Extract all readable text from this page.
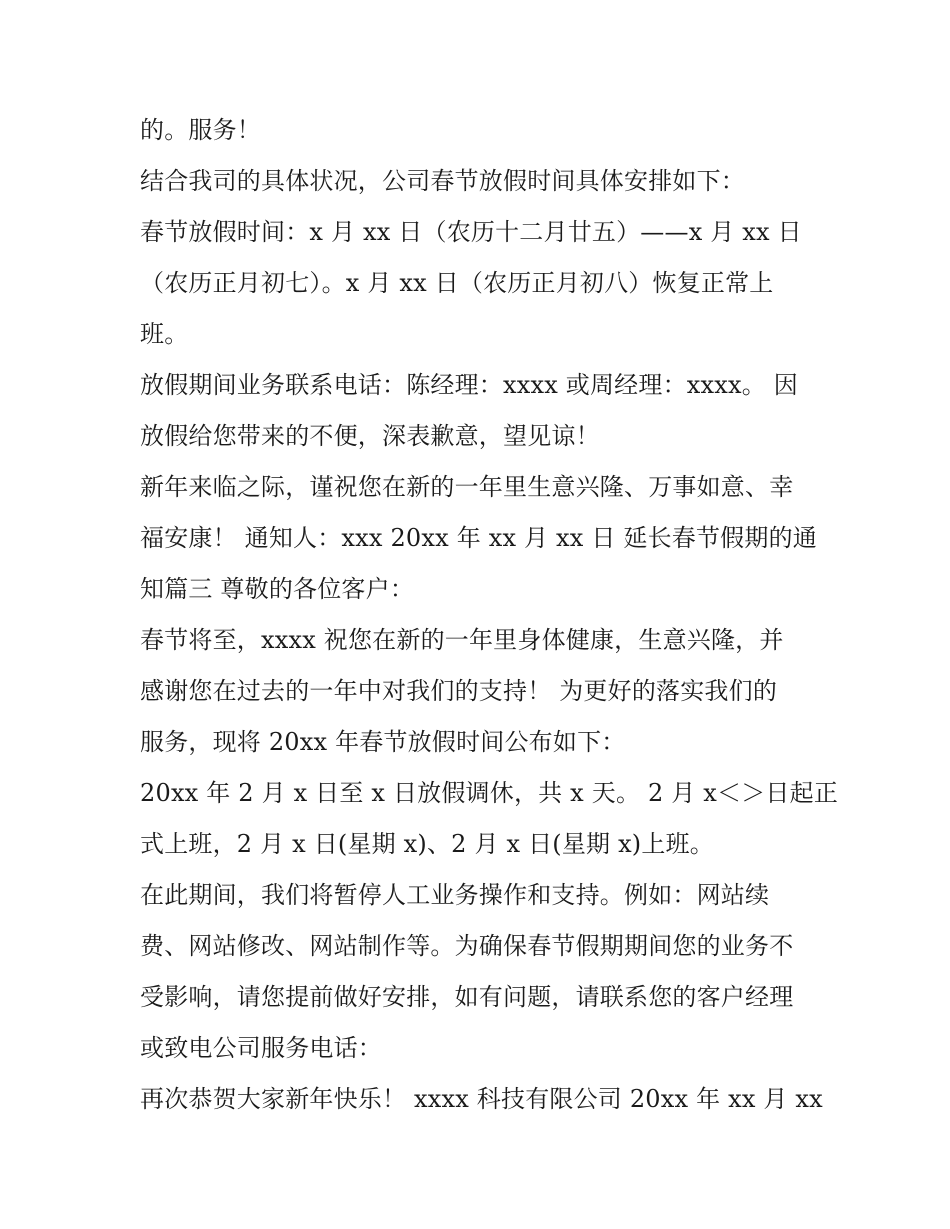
的。服务！
结合我司的具体状况，公司春节放假时间具体安排如下：
春节放假时间：x 月 xx 日（农历十二月廿五）——x 月 xx 日
（农历正月初七）。x 月 xx 日（农历正月初八）恢复正常上
班。
放假期间业务联系电话：陈经理：xxxx 或周经理：xxxx。 因
放假给您带来的不便，深表歉意，望见谅！
新年来临之际，谨祝您在新的一年里生意兴隆、万事如意、幸
福安康！ 通知人：xxx 20xx 年 xx 月 xx 日 延长春节假期的通
知篇三 尊敬的各位客户：
春节将至，xxxx 祝您在新的一年里身体健康，生意兴隆，并
感谢您在过去的一年中对我们的支持！ 为更好的落实我们的
服务，现将 20xx 年春节放假时间公布如下：
20xx 年 2 月 x 日至 x 日放假调休，共 x 天。 2 月 x＜＞日起正
式上班，2 月 x 日(星期 x)、2 月 x 日(星期 x)上班。
在此期间，我们将暂停人工业务操作和支持。例如：网站续
费、网站修改、网站制作等。为确保春节假期期间您的业务不
受影响，请您提前做好安排，如有问题，请联系您的客户经理
或致电公司服务电话：
再次恭贺大家新年快乐！ xxxx 科技有限公司 20xx 年 xx 月 xx
